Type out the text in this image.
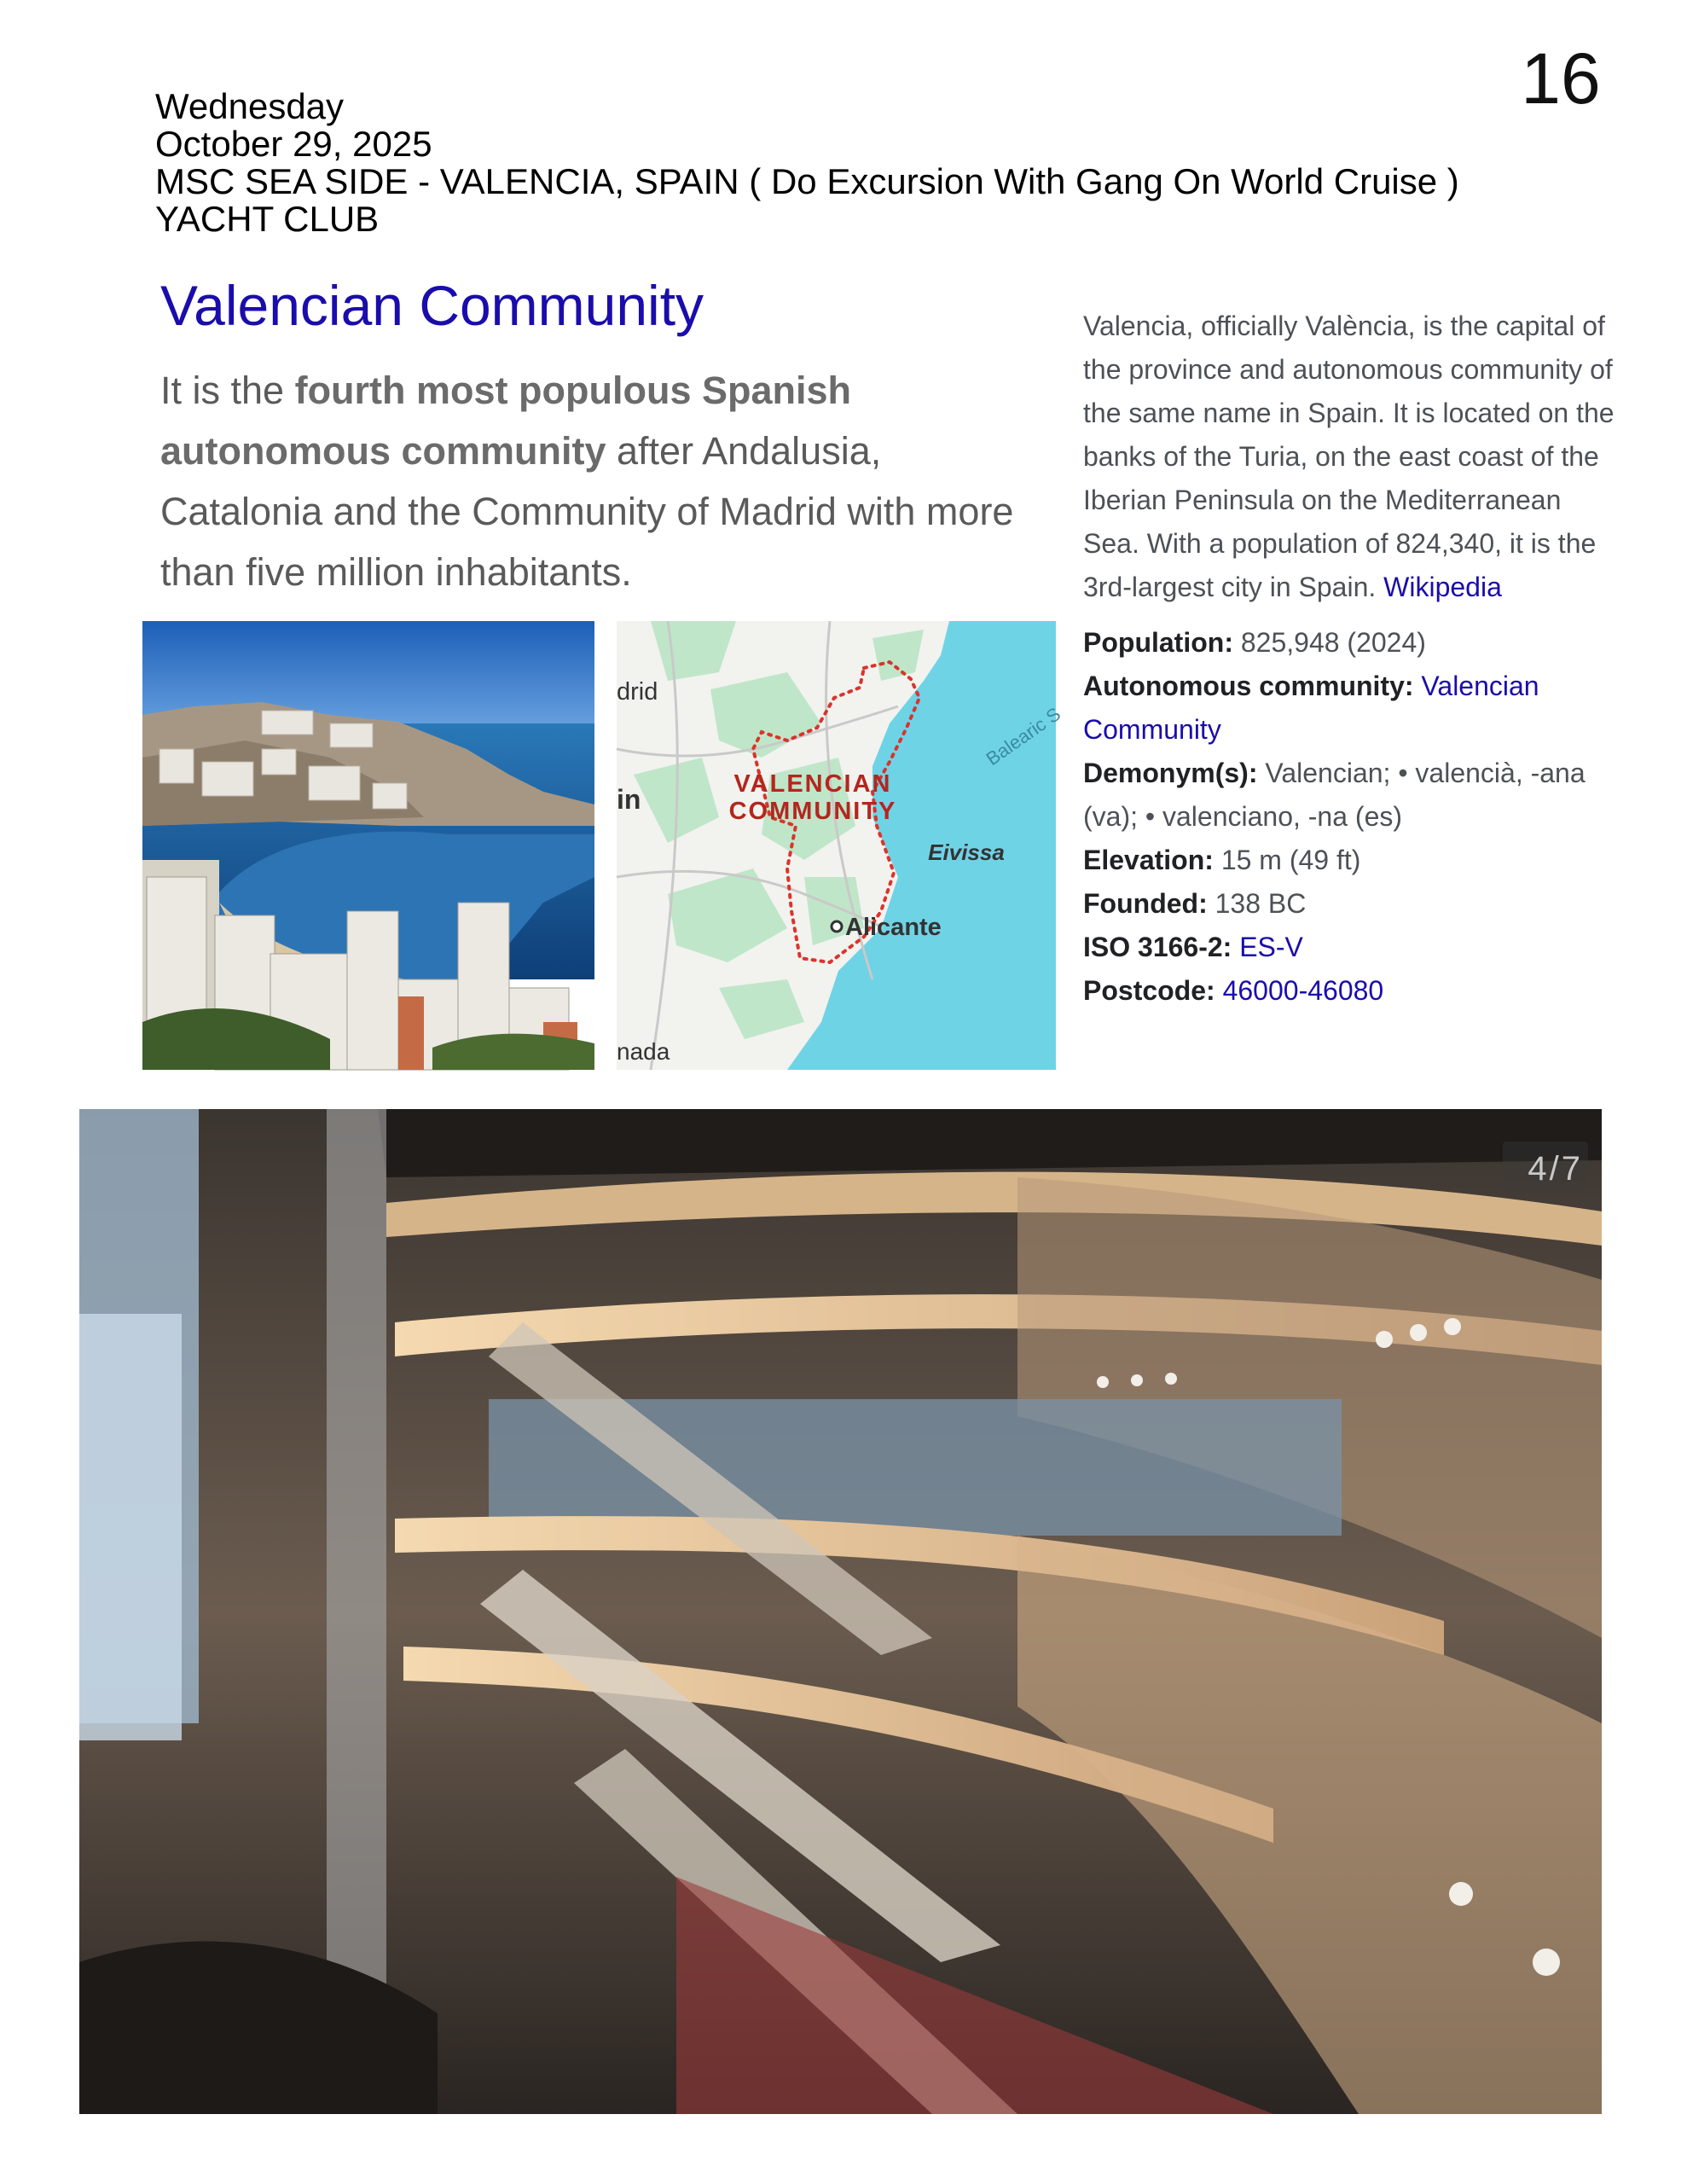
16
Wednesday
October 29, 2025
MSC SEA SIDE - VALENCIA, SPAIN ( Do Excursion With Gang On World Cruise )
YACHT CLUB
Valencian Community
It is the fourth most populous Spanish autonomous community after Andalusia, Catalonia and the Community of Madrid with more than five million inhabitants.
drid
in	VALENCIAN
COMMUNITY
Balearic S
Eivissa
Alicante
nada

Valencia, officially València, is the capital of the province and autonomous community of the same name in Spain. It is located on the banks of the Turia, on the east coast of the Iberian Peninsula on the Mediterranean Sea. With a population of 824,340, it is the 3rd-largest city in Spain. Wikipedia

Population: 825,948 (2024)

Autonomous community: Valencian Community

Demonym(s): Valencian; • valencià, -ana (va); • valenciano, -na (es)

Elevation: 15 m (49 ft)

Founded: 138 BC

ISO 3166-2: ES-V

Postcode: 46000-46080

4/7
